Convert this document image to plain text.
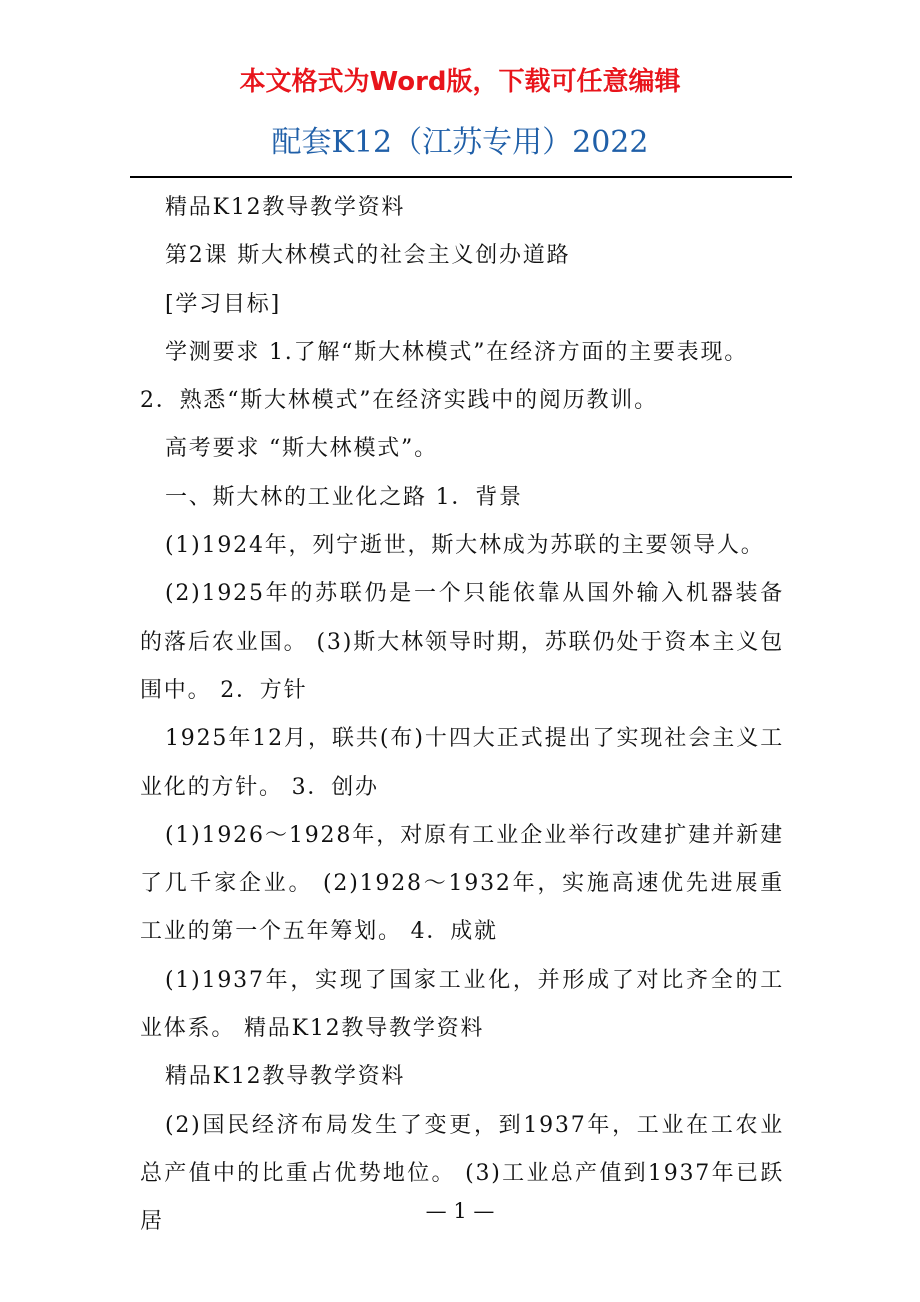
本文格式为Word版，下载可任意编辑
配套K12（江苏专用）2022

精品K12教导教学资料

第2课 斯大林模式的社会主义创办道路

[学习目标]

学测要求 1.了解“斯大林模式”在经济方面的主要表现。

2．熟悉“斯大林模式”在经济实践中的阅历教训。

高考要求 “斯大林模式”。

一、斯大林的工业化之路 1．背景

(1)1924年，列宁逝世，斯大林成为苏联的主要领导人。

(2)1925年的苏联仍是一个只能依靠从国外输入机器装备的落后农业国。 (3)斯大林领导时期，苏联仍处于资本主义包围中。 2．方针

1925年12月，联共(布)十四大正式提出了实现社会主义工业化的方针。 3．创办

(1)1926～1928年，对原有工业企业举行改建扩建并新建了几千家企业。 (2)1928～1932年，实施高速优先进展重工业的第一个五年筹划。 4．成就

(1)1937年，实现了国家工业化，并形成了对比齐全的工业体系。 精品K12教导教学资料

精品K12教导教学资料

(2)国民经济布局发生了变更，到1937年，工业在工农业总产值中的比重占优势地位。 (3)工业总产值到1937年已跃居	— 1 —
